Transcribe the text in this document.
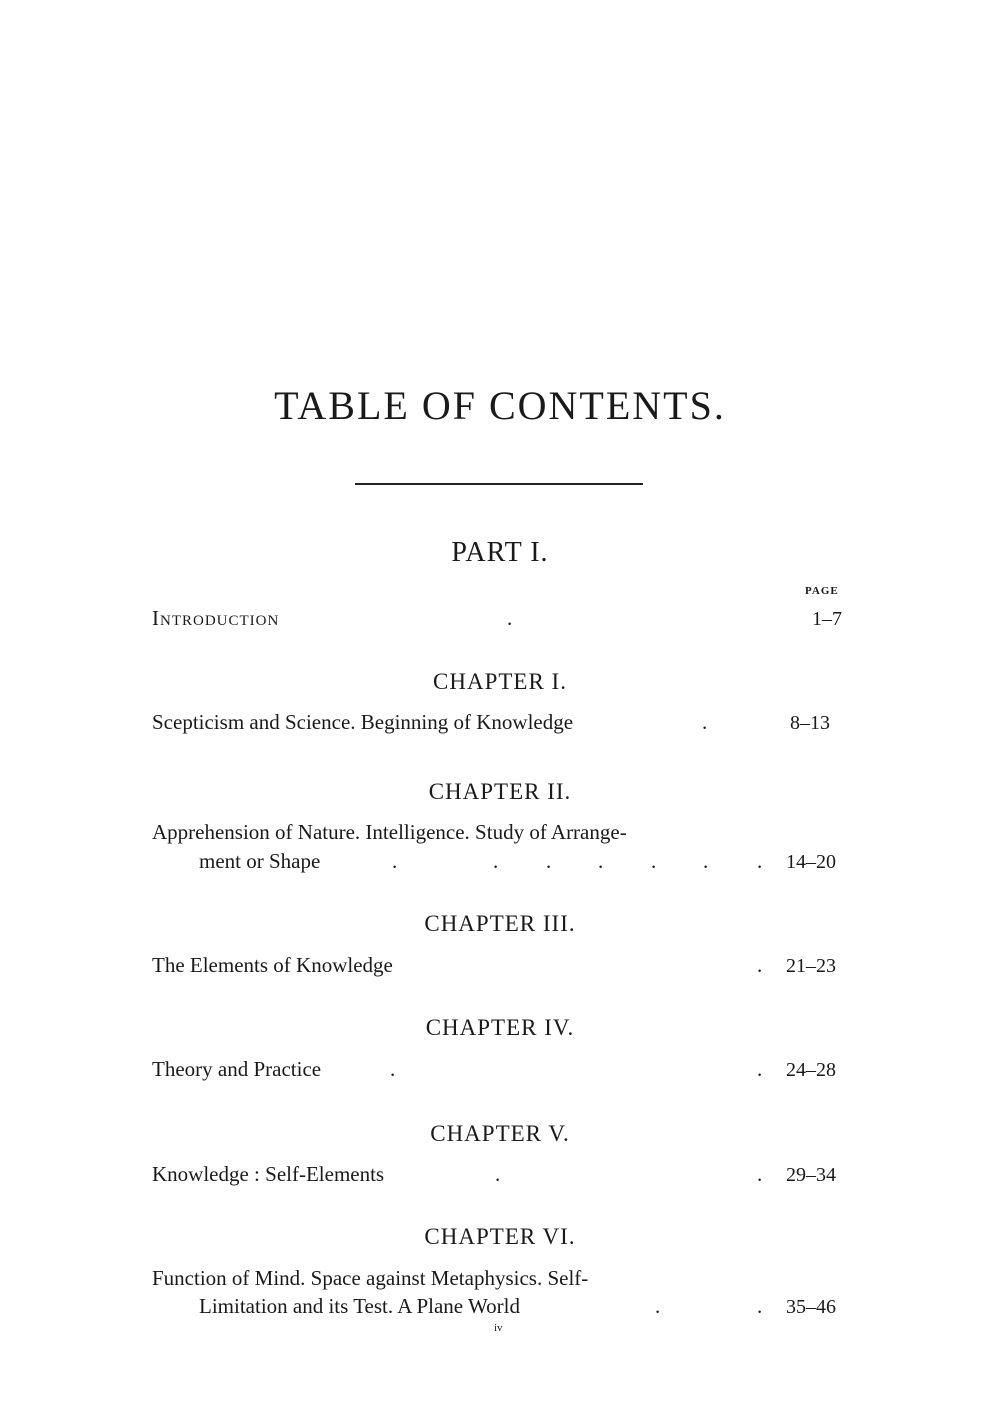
TABLE OF CONTENTS.
PART I.
PAGE
Introduction	.	1–7
CHAPTER I.
Scepticism and Science. Beginning of Knowledge	.	8–13
CHAPTER II.
Apprehension of Nature. Intelligence. Study of Arrange-
ment or Shape	.	. . . . . . 14–20
CHAPTER III.
The Elements of Knowledge	. 21–23
CHAPTER IV.
Theory and Practice	.	. 24–28
CHAPTER V.
Knowledge : Self-Elements	.	. 29–34
CHAPTER VI.
Function of Mind. Space against Metaphysics. Self-
Limitation and its Test. A Plane World	.	. 35–46
iv
